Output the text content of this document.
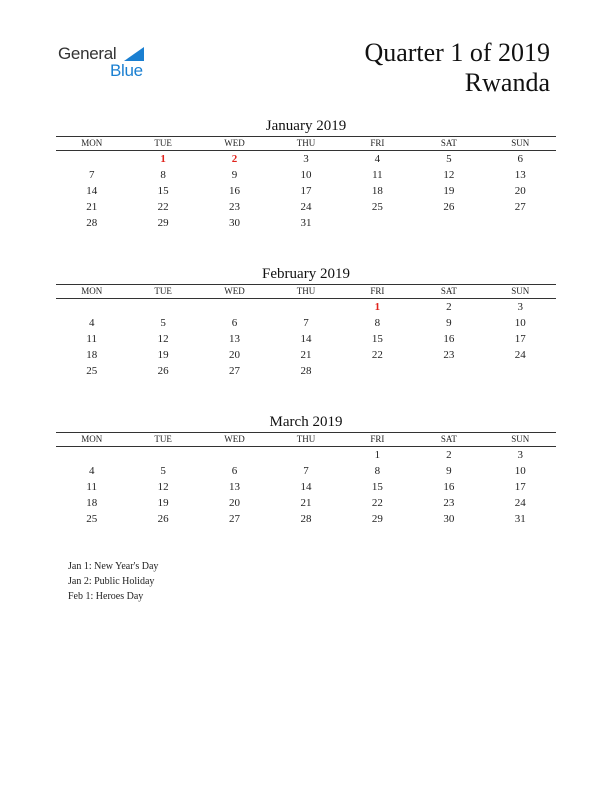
General
Blue
Quarter 1 of 2019
Rwanda
January 2019
MON	TUE	WED	THU	FRI	SAT	SUN
	1	2	3	4	5	6
7	8	9	10	11	12	13
14	15	16	17	18	19	20
21	22	23	24	25	26	27
28	29	30	31			
February 2019
MON	TUE	WED	THU	FRI	SAT	SUN
				1	2	3
4	5	6	7	8	9	10
11	12	13	14	15	16	17
18	19	20	21	22	23	24
25	26	27	28			
March 2019
MON	TUE	WED	THU	FRI	SAT	SUN
				1	2	3
4	5	6	7	8	9	10
11	12	13	14	15	16	17
18	19	20	21	22	23	24
25	26	27	28	29	30	31
Jan 1: New Year's Day
Jan 2: Public Holiday
Feb 1: Heroes Day
